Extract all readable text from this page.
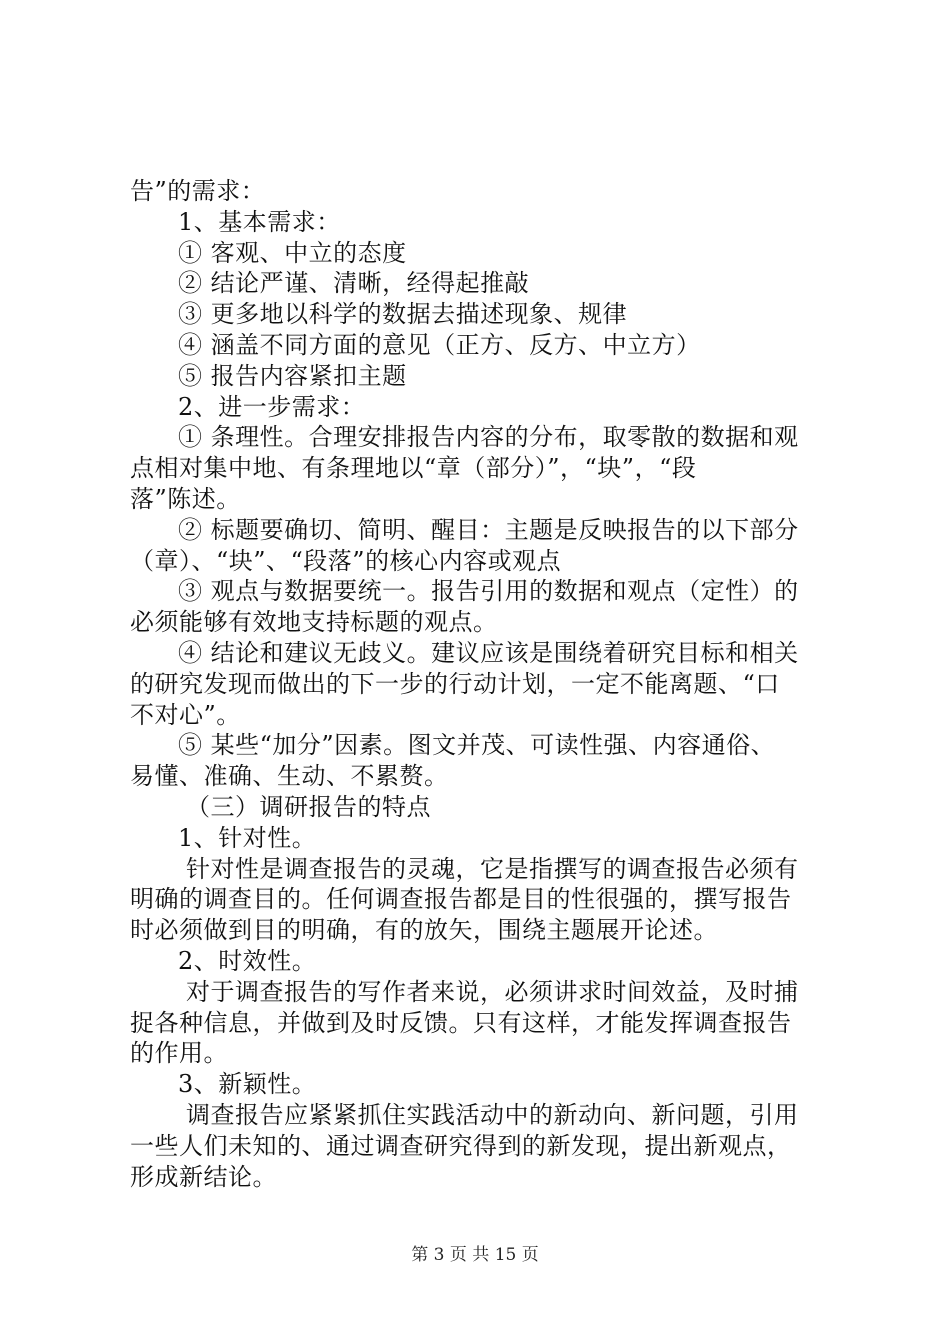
告”的需求：
1、基本需求：
① 客观、中立的态度
② 结论严谨、清晰，经得起推敲
③ 更多地以科学的数据去描述现象、规律
④ 涵盖不同方面的意见（正方、反方、中立方）
⑤ 报告内容紧扣主题
2、进一步需求：
① 条理性。合理安排报告内容的分布，取零散的数据和观
点相对集中地、有条理地以“章（部分）”，“块”，“段
落”陈述。
② 标题要确切、简明、醒目：主题是反映报告的以下部分
（章）、“块”、“段落”的核心内容或观点
③ 观点与数据要统一。报告引用的数据和观点（定性）的
必须能够有效地支持标题的观点。
④ 结论和建议无歧义。建议应该是围绕着研究目标和相关
的研究发现而做出的下一步的行动计划，一定不能离题、“口
不对心”。
⑤ 某些“加分”因素。图文并茂、可读性强、内容通俗、
易懂、准确、生动、不累赘。
（三）调研报告的特点
1、针对性。
针对性是调查报告的灵魂，它是指撰写的调查报告必须有
明确的调查目的。任何调查报告都是目的性很强的，撰写报告
时必须做到目的明确，有的放矢，围绕主题展开论述。
2、时效性。
对于调查报告的写作者来说，必须讲求时间效益，及时捕
捉各种信息，并做到及时反馈。只有这样，才能发挥调查报告
的作用。
3、新颖性。
调查报告应紧紧抓住实践活动中的新动向、新问题，引用
一些人们未知的、通过调查研究得到的新发现，提出新观点，
形成新结论。
第 3 页 共 15 页
